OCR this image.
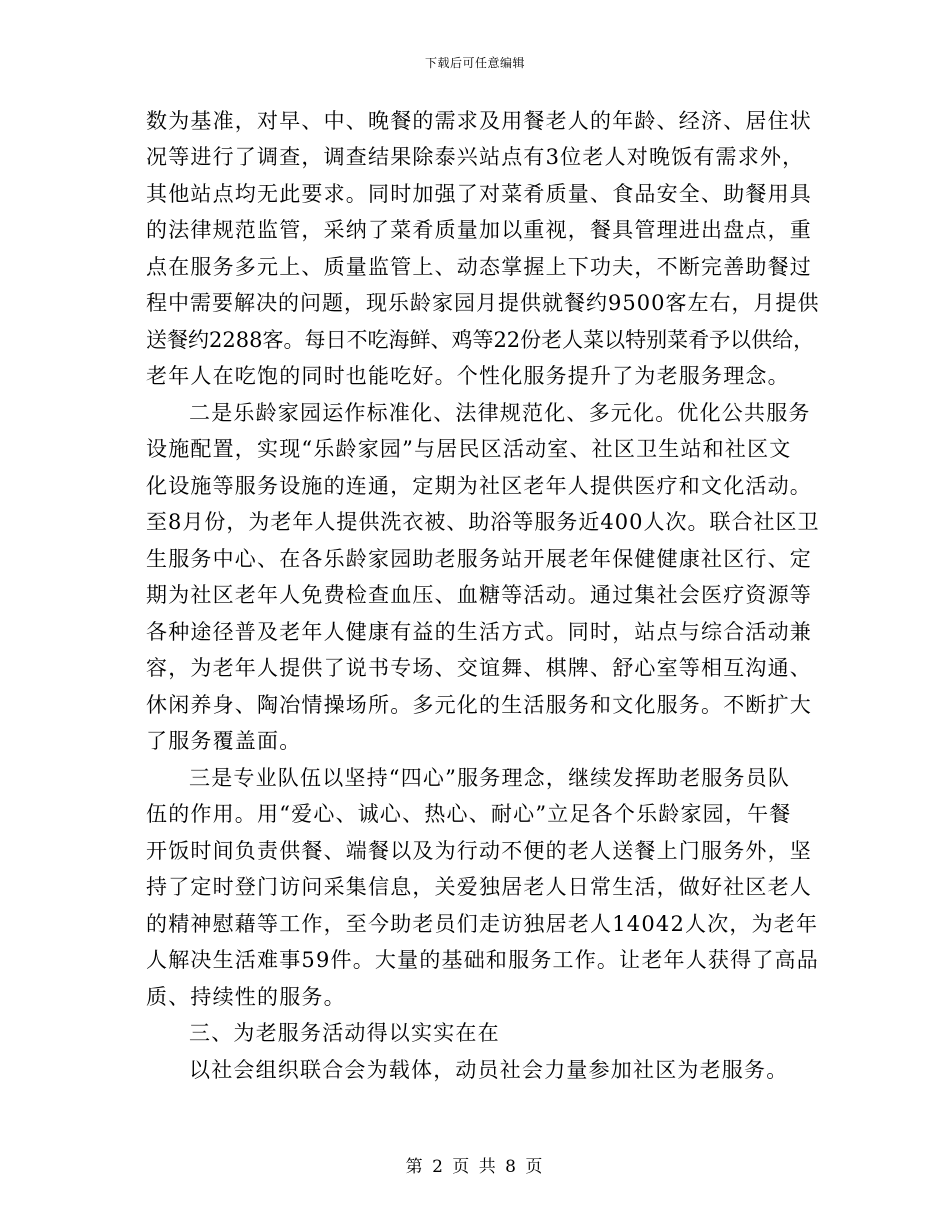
下载后可任意编辑
数为基准，对早、中、晚餐的需求及用餐老人的年龄、经济、居住状
况等进行了调查，调查结果除泰兴站点有3位老人对晚饭有需求外，
其他站点均无此要求。同时加强了对菜肴质量、食品安全、助餐用具
的法律规范监管，采纳了菜肴质量加以重视，餐具管理进出盘点，重
点在服务多元上、质量监管上、动态掌握上下功夫，不断完善助餐过
程中需要解决的问题，现乐龄家园月提供就餐约9500客左右，月提供
送餐约2288客。每日不吃海鲜、鸡等22份老人菜以特别菜肴予以供给，
老年人在吃饱的同时也能吃好。个性化服务提升了为老服务理念。
二是乐龄家园运作标准化、法律规范化、多元化。优化公共服务
设施配置，实现“乐龄家园”与居民区活动室、社区卫生站和社区文
化设施等服务设施的连通，定期为社区老年人提供医疗和文化活动。
至8月份，为老年人提供洗衣被、助浴等服务近400人次。联合社区卫
生服务中心、在各乐龄家园助老服务站开展老年保健健康社区行、定
期为社区老年人免费检查血压、血糖等活动。通过集社会医疗资源等
各种途径普及老年人健康有益的生活方式。同时，站点与综合活动兼
容，为老年人提供了说书专场、交谊舞、棋牌、舒心室等相互沟通、
休闲养身、陶冶情操场所。多元化的生活服务和文化服务。不断扩大
了服务覆盖面。
三是专业队伍以坚持“四心”服务理念，继续发挥助老服务员队
伍的作用。用“爱心、诚心、热心、耐心”立足各个乐龄家园，午餐
开饭时间负责供餐、端餐以及为行动不便的老人送餐上门服务外，坚
持了定时登门访问采集信息，关爱独居老人日常生活，做好社区老人
的精神慰藉等工作，至今助老员们走访独居老人14042人次，为老年
人解决生活难事59件。大量的基础和服务工作。让老年人获得了高品
质、持续性的服务。
三、为老服务活动得以实实在在
以社会组织联合会为载体，动员社会力量参加社区为老服务。
第 2 页 共 8 页
